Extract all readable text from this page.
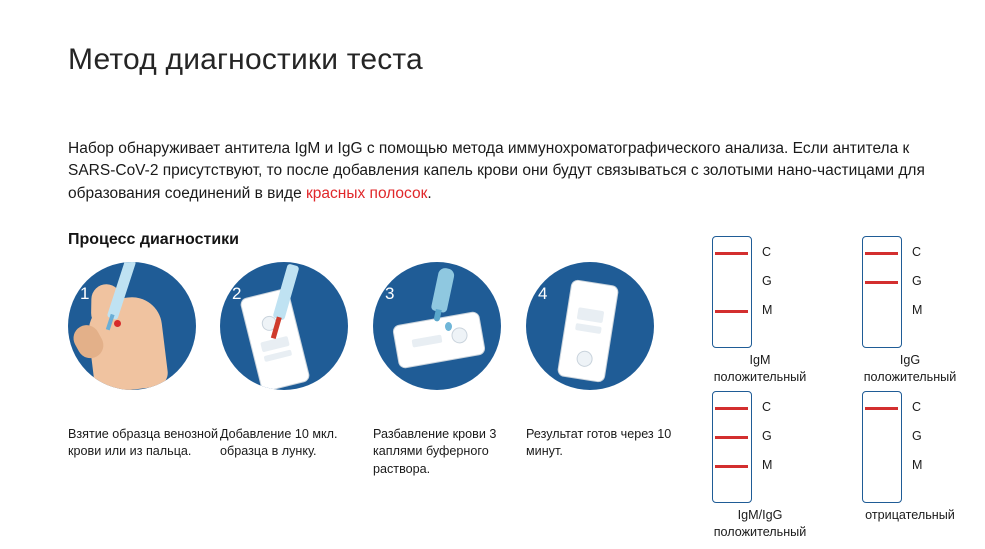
Метод диагностики теста
Набор обнаруживает антитела IgM и IgG с помощью метода иммунохроматографического анализа. Если антитела к SARS-CoV-2 присутствуют, то после добавления капель крови они будут связываться с золотыми нано-частицами для образования соединений в виде красных полосок.
Процесс диагностики
1
Взятие образца венозной крови или из пальца.
2
Добавление 10 мкл. образца в лунку.
3
Разбавление крови 3 каплями буферного раствора.
4
Результат готов через 10 минут.
C
G
M
IgM
положительный
C
G
M
IgG
положительный
C
G
M
IgM/IgG
положительный
C
G
M
отрицательный
